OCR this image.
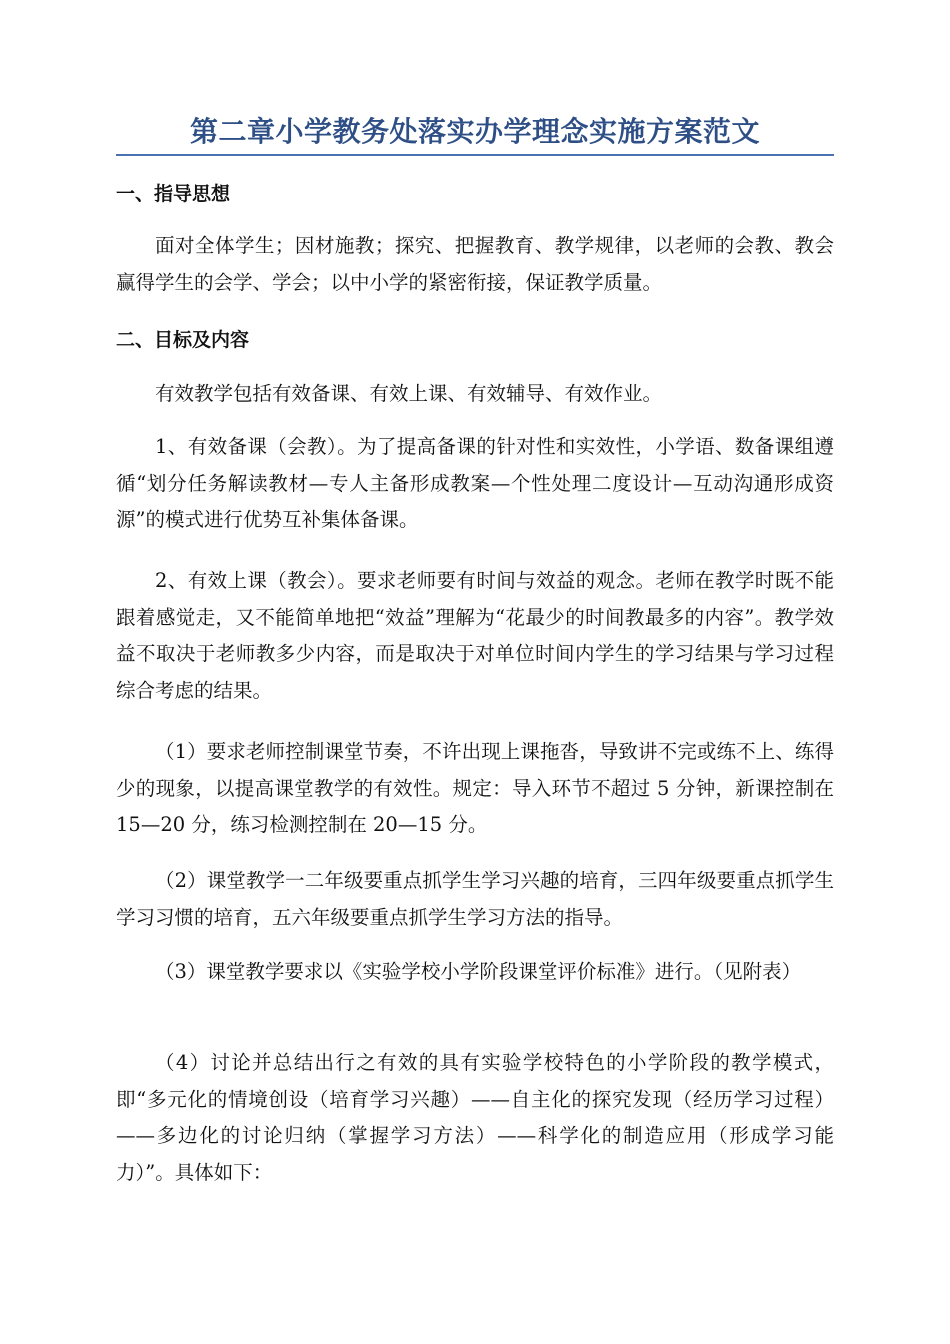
第二章小学教务处落实办学理念实施方案范文
一、指导思想

面对全体学生；因材施教；探究、把握教育、教学规律，以老师的会教、教会赢得学生的会学、学会；以中小学的紧密衔接，保证教学质量。

二、目标及内容

有效教学包括有效备课、有效上课、有效辅导、有效作业。

1、有效备课（会教）。为了提高备课的针对性和实效性，小学语、数备课组遵循“划分任务解读教材—专人主备形成教案—个性处理二度设计—互动沟通形成资源”的模式进行优势互补集体备课。

2、有效上课（教会）。要求老师要有时间与效益的观念。老师在教学时既不能跟着感觉走，又不能简单地把“效益”理解为“花最少的时间教最多的内容”。教学效益不取决于老师教多少内容，而是取决于对单位时间内学生的学习结果与学习过程综合考虑的结果。

（1）要求老师控制课堂节奏，不许出现上课拖沓，导致讲不完或练不上、练得少的现象，以提高课堂教学的有效性。规定：导入环节不超过 5 分钟，新课控制在 15—20 分，练习检测控制在 20—15 分。

（2）课堂教学一二年级要重点抓学生学习兴趣的培育，三四年级要重点抓学生学习习惯的培育，五六年级要重点抓学生学习方法的指导。

（3）课堂教学要求以《实验学校小学阶段课堂评价标准》进行。（见附表）

（4）讨论并总结出行之有效的具有实验学校特色的小学阶段的教学模式，即“多元化的情境创设（培育学习兴趣）——自主化的探究发现（经历学习过程）——多边化的讨论归纳（掌握学习方法）——科学化的制造应用（形成学习能力）”。具体如下：
